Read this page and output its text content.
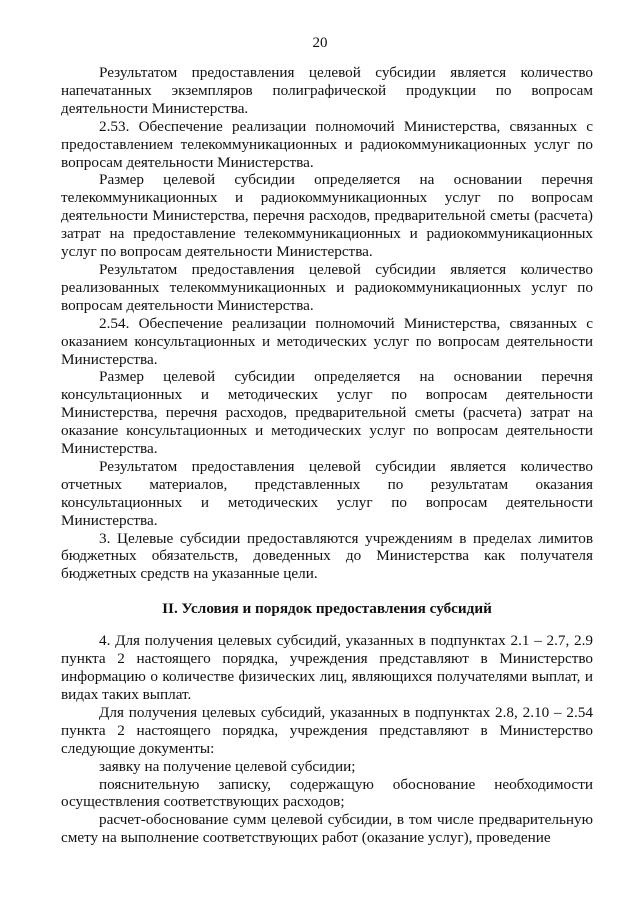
20

Результатом предоставления целевой субсидии является количество напечатанных экземпляров полиграфической продукции по вопросам деятельности Министерства.

2.53. Обеспечение реализации полномочий Министерства, связанных с предоставлением телекоммуникационных и радиокоммуникационных услуг по вопросам деятельности Министерства.

Размер целевой субсидии определяется на основании перечня телекоммуникационных и радиокоммуникационных услуг по вопросам деятельности Министерства, перечня расходов, предварительной сметы (расчета) затрат на предоставление телекоммуникационных и радиокоммуникационных услуг по вопросам деятельности Министерства.

Результатом предоставления целевой субсидии является количество реализованных телекоммуникационных и радиокоммуникационных услуг по вопросам деятельности Министерства.

2.54. Обеспечение реализации полномочий Министерства, связанных с оказанием консультационных и методических услуг по вопросам деятельности Министерства.

Размер целевой субсидии определяется на основании перечня консультационных и методических услуг по вопросам деятельности Министерства, перечня расходов, предварительной сметы (расчета) затрат на оказание консультационных и методических услуг по вопросам деятельности Министерства.

Результатом предоставления целевой субсидии является количество отчетных материалов, представленных по результатам оказания консультационных и методических услуг по вопросам деятельности Министерства.

3. Целевые субсидии предоставляются учреждениям в пределах лимитов бюджетных обязательств, доведенных до Министерства как получателя бюджетных средств на указанные цели.

II. Условия и порядок предоставления субсидий

4. Для получения целевых субсидий, указанных в подпунктах 2.1 – 2.7, 2.9 пункта 2 настоящего порядка, учреждения представляют в Министерство информацию о количестве физических лиц, являющихся получателями выплат, и видах таких выплат.

Для получения целевых субсидий, указанных в подпунктах 2.8, 2.10 – 2.54 пункта 2 настоящего порядка, учреждения представляют в Министерство следующие документы:

заявку на получение целевой субсидии;

пояснительную записку, содержащую обоснование необходимости осуществления соответствующих расходов;

расчет-обоснование сумм целевой субсидии, в том числе предварительную смету на выполнение соответствующих работ (оказание услуг), проведение
